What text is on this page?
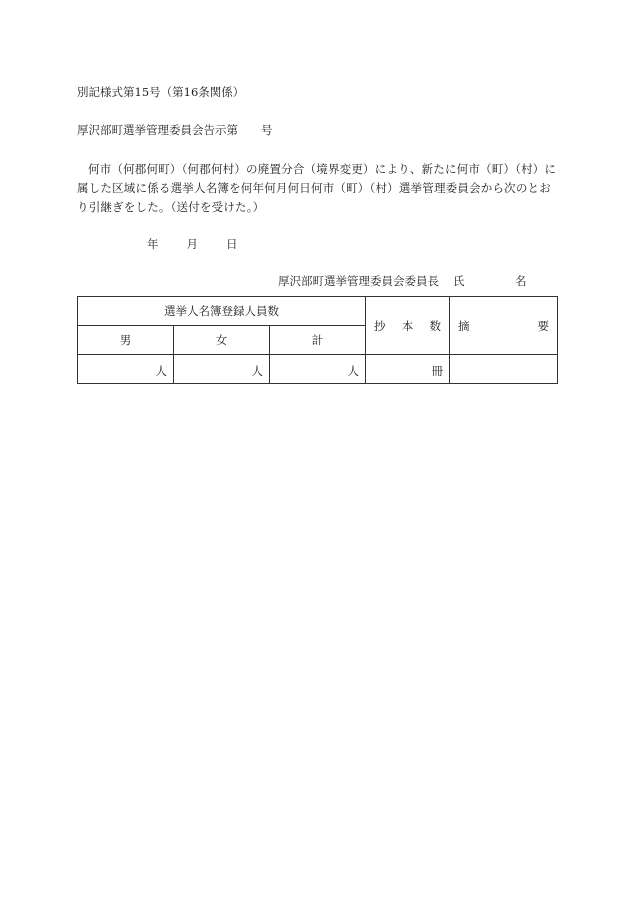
別記様式第15号（第16条関係）
厚沢部町選挙管理委員会告示第　　号
何市（何郡何町）（何郡何村）の廃置分合（境界変更）により、新たに何市（町）（村）に属した区域に係る選挙人名簿を何年何月何日何市（町）（村）選挙管理委員会から次のとおり引継ぎをした。（送付を受けた。）
年 月 日
厚沢部町選挙管理委員会委員長 氏	名
選挙人名簿登録人員数			抄 本 数	摘 要

男	女	計		

人	人	人	冊	
